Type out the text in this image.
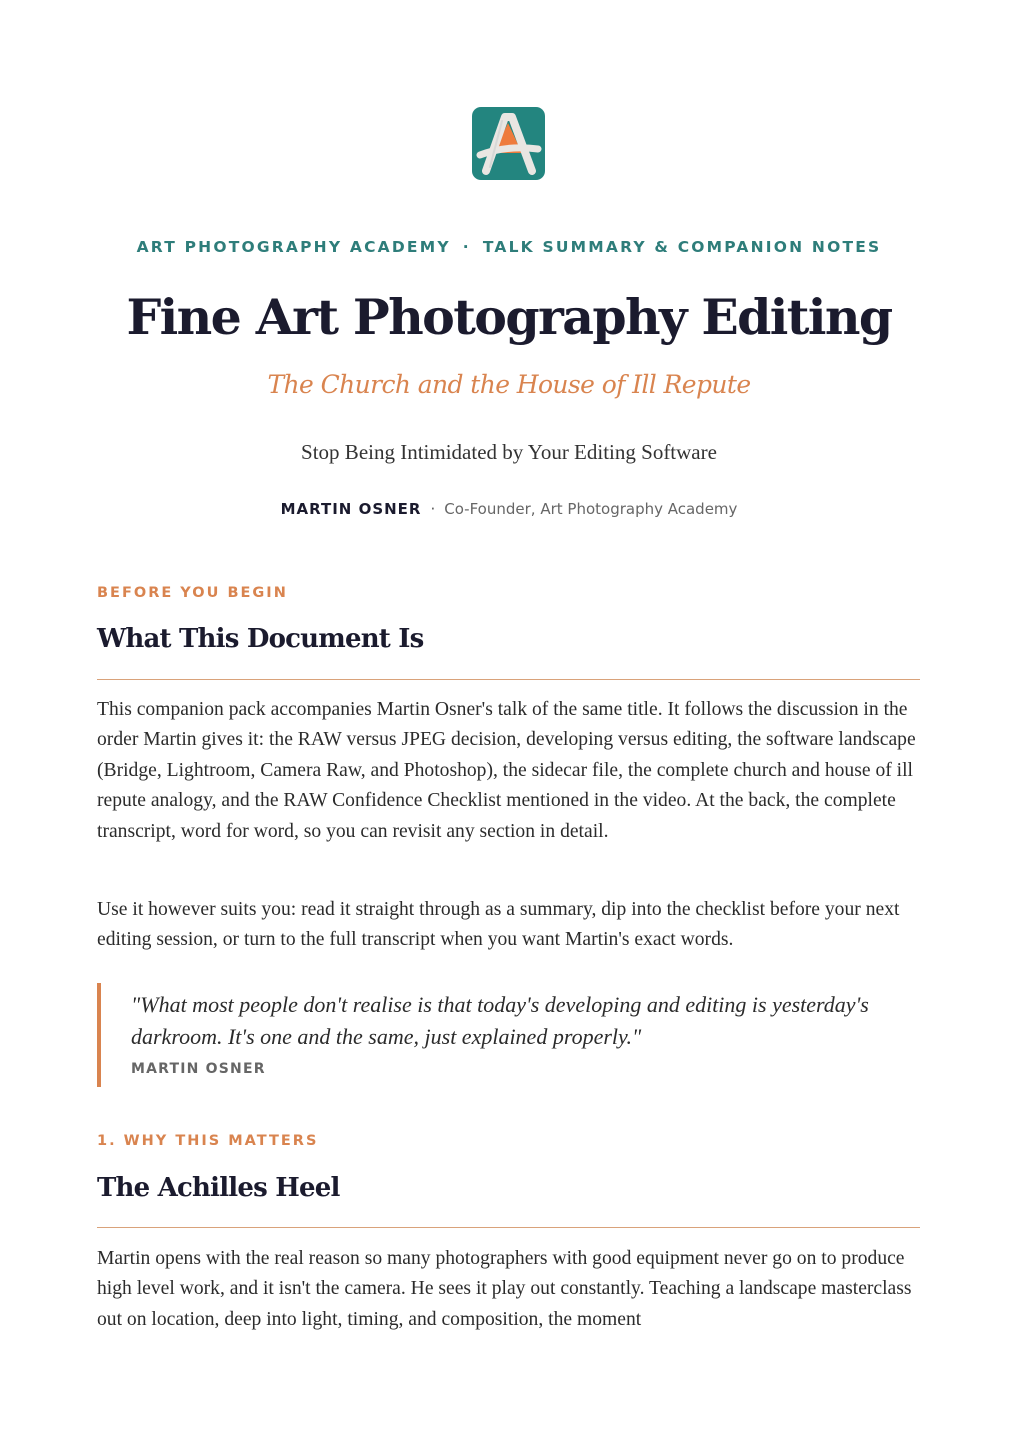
ART PHOTOGRAPHY ACADEMY · TALK SUMMARY & COMPANION NOTES
Fine Art Photography Editing
The Church and the House of Ill Repute
Stop Being Intimidated by Your Editing Software
MARTIN OSNER · Co-Founder, Art Photography Academy
BEFORE YOU BEGIN
What This Document Is
This companion pack accompanies Martin Osner's talk of the same title. It follows the discussion in the order Martin gives it: the RAW versus JPEG decision, developing versus editing, the software landscape (Bridge, Lightroom, Camera Raw, and Photoshop), the sidecar file, the complete church and house of ill repute analogy, and the RAW Confidence Checklist mentioned in the video. At the back, the complete transcript, word for word, so you can revisit any section in detail.
Use it however suits you: read it straight through as a summary, dip into the checklist before your next editing session, or turn to the full transcript when you want Martin's exact words.
"What most people don't realise is that today's developing and editing is yesterday's darkroom. It's one and the same, just explained properly."
MARTIN OSNER
1. WHY THIS MATTERS
The Achilles Heel
Martin opens with the real reason so many photographers with good equipment never go on to produce high level work, and it isn't the camera. He sees it play out constantly. Teaching a landscape masterclass out on location, deep into light, timing, and composition, the moment
